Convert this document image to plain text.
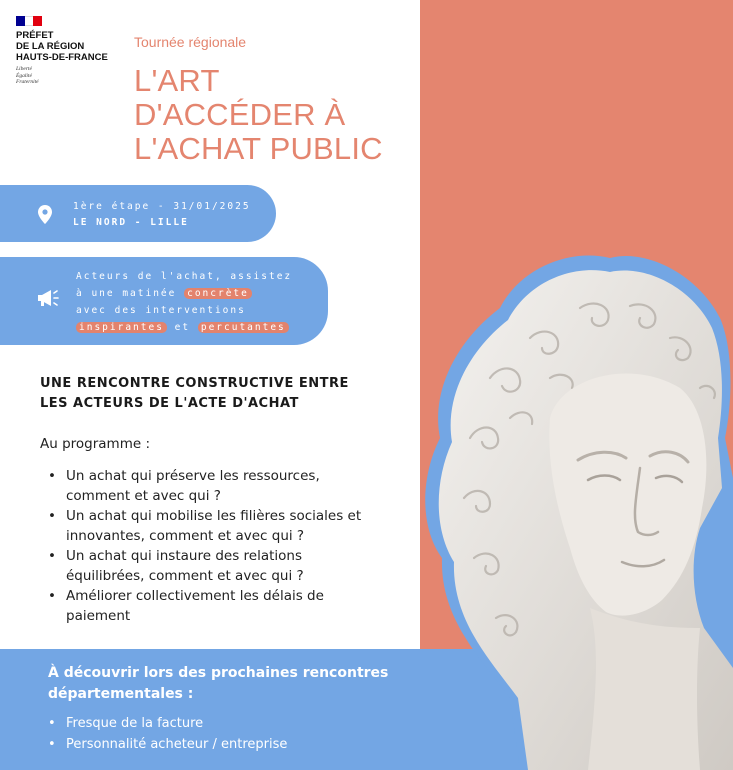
PRÉFET
DE LA RÉGION
HAUTS-DE-FRANCE
Liberté
Égalité
Fraternité
Tournée régionale
L'ART
D'ACCÉDER À
L'ACHAT PUBLIC
1ère étape - 31/01/2025
LE NORD - LILLE
Acteurs de l'achat, assistez
à une matinée concrète
avec des interventions
inspirantes et percutantes
UNE RENCONTRE CONSTRUCTIVE ENTRE
LES ACTEURS DE L'ACTE D'ACHAT
Au programme :
• Un achat qui préserve les ressources,
comment et avec qui ?
• Un achat qui mobilise les filières sociales et
innovantes, comment et avec qui ?
• Un achat qui instaure des relations
équilibrées, comment et avec qui ?
• Améliorer collectivement les délais de
paiement
À découvrir lors des prochaines rencontres
départementales :
• Fresque de la facture
• Personnalité acheteur / entreprise
